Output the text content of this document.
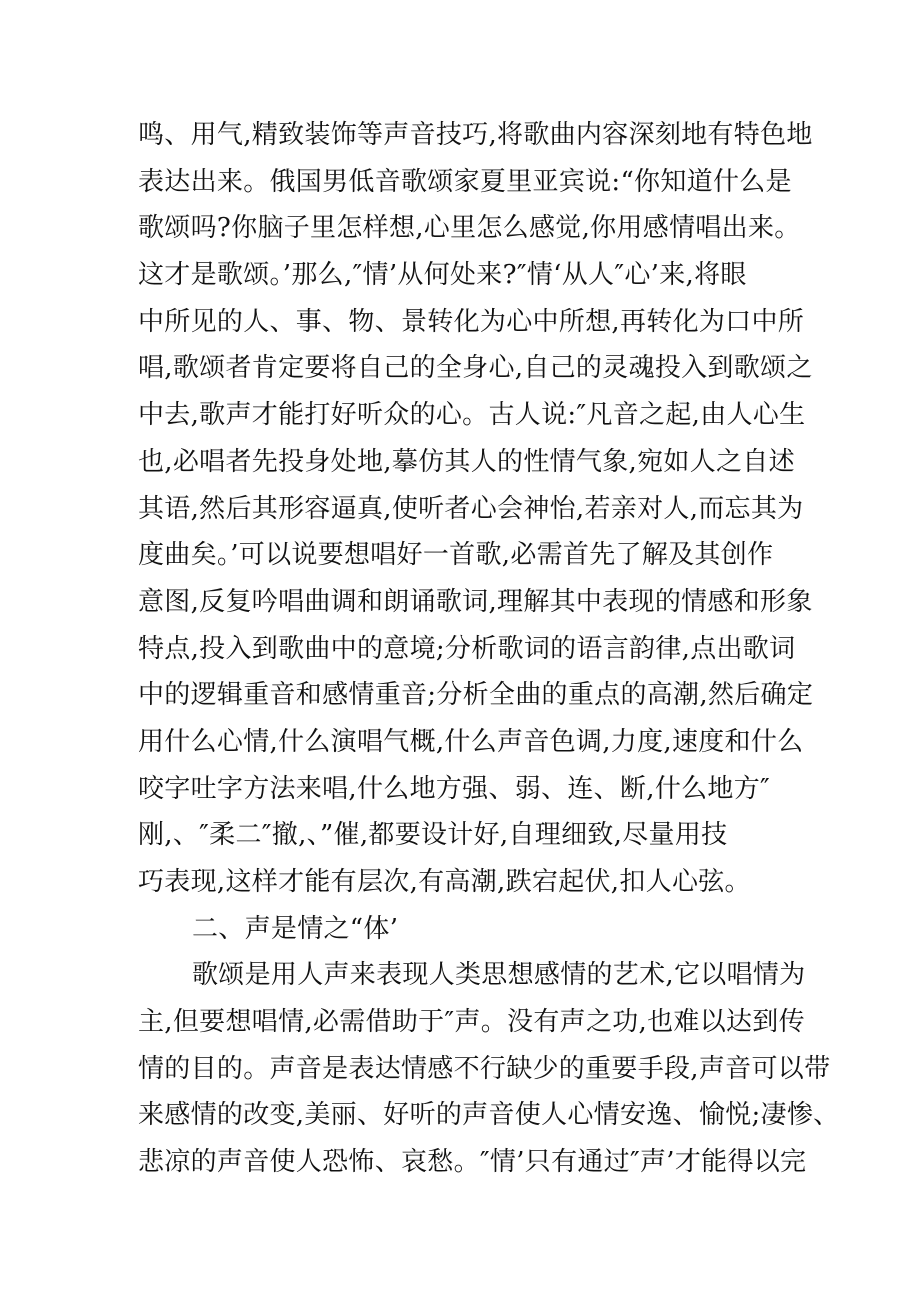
鸣、用气,精致装饰等声音技巧,将歌曲内容深刻地有特色地
表达出来。俄国男低音歌颂家夏里亚宾说:“你知道什么是
歌颂吗?你脑子里怎样想,心里怎么感觉,你用感情唱出来。
这才是歌颂。’那么,″情’从何处来?″情‘从人″心’来,将眼
中所见的人、事、物、景转化为心中所想,再转化为口中所
唱,歌颂者肯定要将自己的全身心,自己的灵魂投入到歌颂之
中去,歌声才能打好听众的心。古人说:″凡音之起,由人心生
也,必唱者先投身处地,摹仿其人的性情气象,宛如人之自述
其语,然后其形容逼真,使听者心会神怡,若亲对人,而忘其为
度曲矣。’可以说要想唱好一首歌,必需首先了解及其创作
意图,反复吟唱曲调和朗诵歌词,理解其中表现的情感和形象
特点,投入到歌曲中的意境;分析歌词的语言韵律,点出歌词
中的逻辑重音和感情重音;分析全曲的重点的高潮,然后确定
用什么心情,什么演唱气概,什么声音色调,力度,速度和什么
咬字吐字方法来唱,什么地方强、弱、连、断,什么地方″
刚,、″柔二″撤,、”催,都要设计好,自理细致,尽量用技
巧表现,这样才能有层次,有高潮,跌宕起伏,扣人心弦。
二、声是情之“体’
歌颂是用人声来表现人类思想感情的艺术,它以唱情为
主,但要想唱情,必需借助于″声。没有声之功,也难以达到传
情的目的。声音是表达情感不行缺少的重要手段,声音可以带
来感情的改变,美丽、好听的声音使人心情安逸、愉悦;凄惨、
悲凉的声音使人恐怖、哀愁。″情’只有通过″声’才能得以完
